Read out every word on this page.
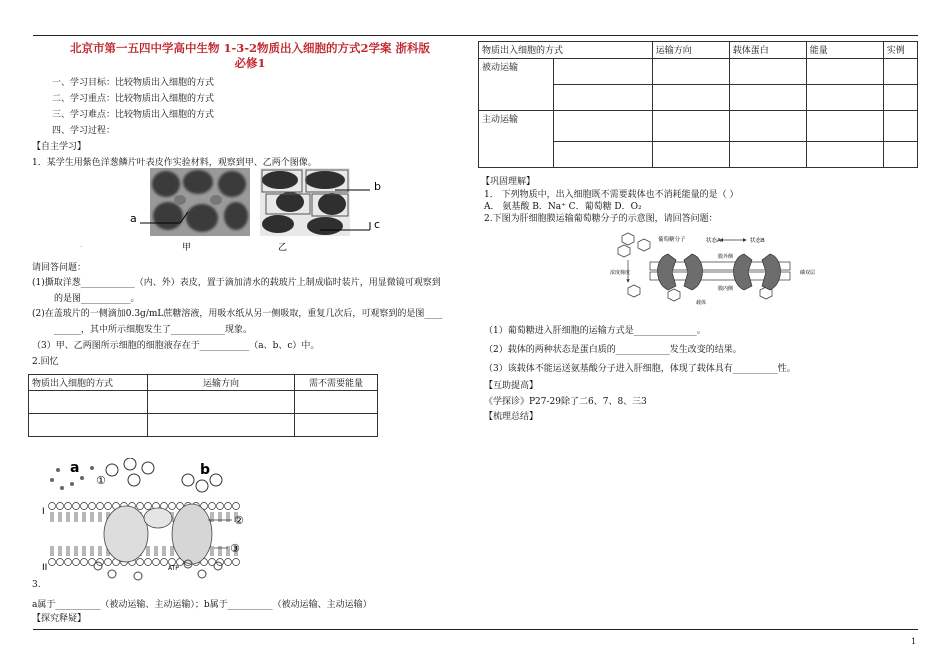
北京市第一五四中学高中生物 1-3-2物质出入细胞的方式2学案 浙科版
必修1
一、学习目标：比较物质出入细胞的方式
二、学习重点：比较物质出入细胞的方式
三、学习难点：比较物质出入细胞的方式
四、学习过程：
【自主学习】
1．某学生用紫色洋葱鳞片叶表皮作实验材料，观察到甲、乙两个图像。
a
b
c
甲	乙
.
请回答问题：
(1)撕取洋葱____________（内、外）表皮，置于滴加清水的载玻片上制成临时装片，用显微镜可观察到
的是图___________。
(2)在盖玻片的一侧滴加0.3g/mL蔗糖溶液，用吸水纸从另一侧吸取，重复几次后，可观察到的是图____
______，其中所示细胞发生了____________现象。
（3）甲、乙两图所示细胞的细胞液存在于___________（a、b、c）中。
2.回忆
物质出入细胞的方式	运输方向	需不需要能量

a	b
①
I
II
②
③
ATP
3.
a属于__________（被动运输、主动运输）；b属于__________（被动运输、主动运输）
【探究释疑】
物质出入细胞的方式		运输方向	载体蛋白	能量	实例
被动运输					

主动运输					

【巩固理解】
1． 下列物质中，出入细胞既不需要载体也不消耗能量的是（ ）
A． 氨基酸 B．Na⁺ C．葡萄糖 D．O₂
2.下图为肝细胞膜运输葡萄糖分子的示意图，请回答问题：
葡萄糖分子	状态A	状态B
膜外侧
磷双层
膜内侧
浓度梯度
载体
（1）葡萄糖进入肝细胞的运输方式是______________。
（2）载体的两种状态是蛋白质的____________发生改变的结果。
（3）该载体不能运送氨基酸分子进入肝细胞，体现了载体具有__________性。
【互助提高】
《学探诊》P27-29除了二6、7、8、三3
【梳理总结】
1
